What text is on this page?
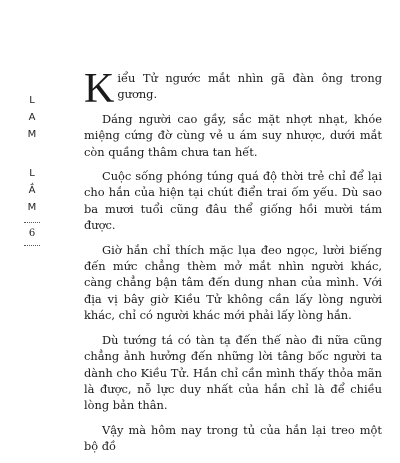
L
A
M
L
Ắ
M
6

Kiểu Tử ngước mắt nhìn gã đàn ông trong gương.

Dáng người cao gầy, sắc mặt nhợt nhạt, khóe miệng cứng đờ cùng vẻ u ám suy nhược, dưới mắt còn quầng thâm chưa tan hết.

Cuộc sống phóng túng quá độ thời trẻ chỉ để lại cho hắn của hiện tại chút điển trai ốm yếu. Dù sao ba mươi tuổi cũng đâu thể giống hồi mười tám được.

Giờ hắn chỉ thích mặc lụa đeo ngọc, lười biếng đến mức chẳng thèm mở mắt nhìn người khác, càng chẳng bận tâm đến dung nhan của mình. Với địa vị bây giờ Kiều Tử không cần lấy lòng người khác, chỉ có người khác mới phải lấy lòng hắn.

Dù tướng tá có tàn tạ đến thế nào đi nữa cũng chẳng ảnh hưởng đến những lời tâng bốc người ta dành cho Kiều Tử. Hắn chỉ cần mình thấy thỏa mãn là được, nỗ lực duy nhất của hắn chỉ là để chiều lòng bản thân.

Vậy mà hôm nay trong tủ của hắn lại treo một bộ đồ
